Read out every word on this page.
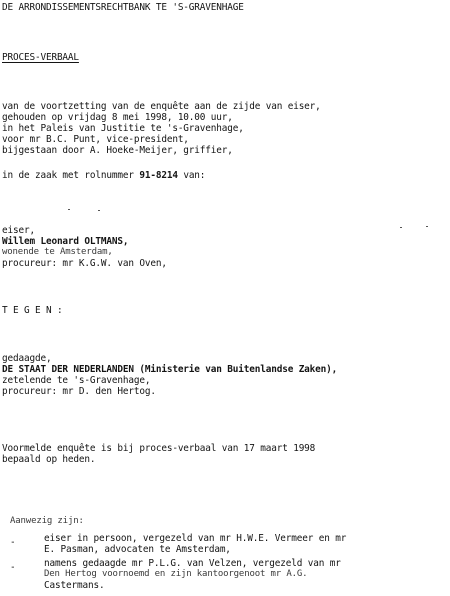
DE ARRONDISSEMENTSRECHTBANK TE 'S-GRAVENHAGE
PROCES-VERBAAL
van de voortzetting van de enquête aan de zijde van eiser,
gehouden op vrijdag 8 mei 1998, 10.00 uur,
in het Paleis van Justitie te 's-Gravenhage,
voor mr B.C. Punt, vice-president,
bijgestaan door A. Hoeke-Meijer, griffier,
in de zaak met rolnummer 91-8214 van:
eiser,
Willem Leonard OLTMANS,
wonende te Amsterdam,
procureur: mr K.G.W. van Oven,
T E G E N :
gedaagde,
DE STAAT DER NEDERLANDEN (Ministerie van Buitenlandse Zaken),
zetelende te 's-Gravenhage,
procureur: mr D. den Hertog.
Voormelde enquête is bij proces-verbaal van 17 maart 1998
bepaald op heden.
Aanwezig zijn:
-	eiser in persoon, vergezeld van mr H.W.E. Vermeer en mr
E. Pasman, advocaten te Amsterdam,
-	namens gedaagde mr P.L.G. van Velzen, vergezeld van mr
Den Hertog voornoemd en zijn kantoorgenoot mr A.G.
Castermans.
